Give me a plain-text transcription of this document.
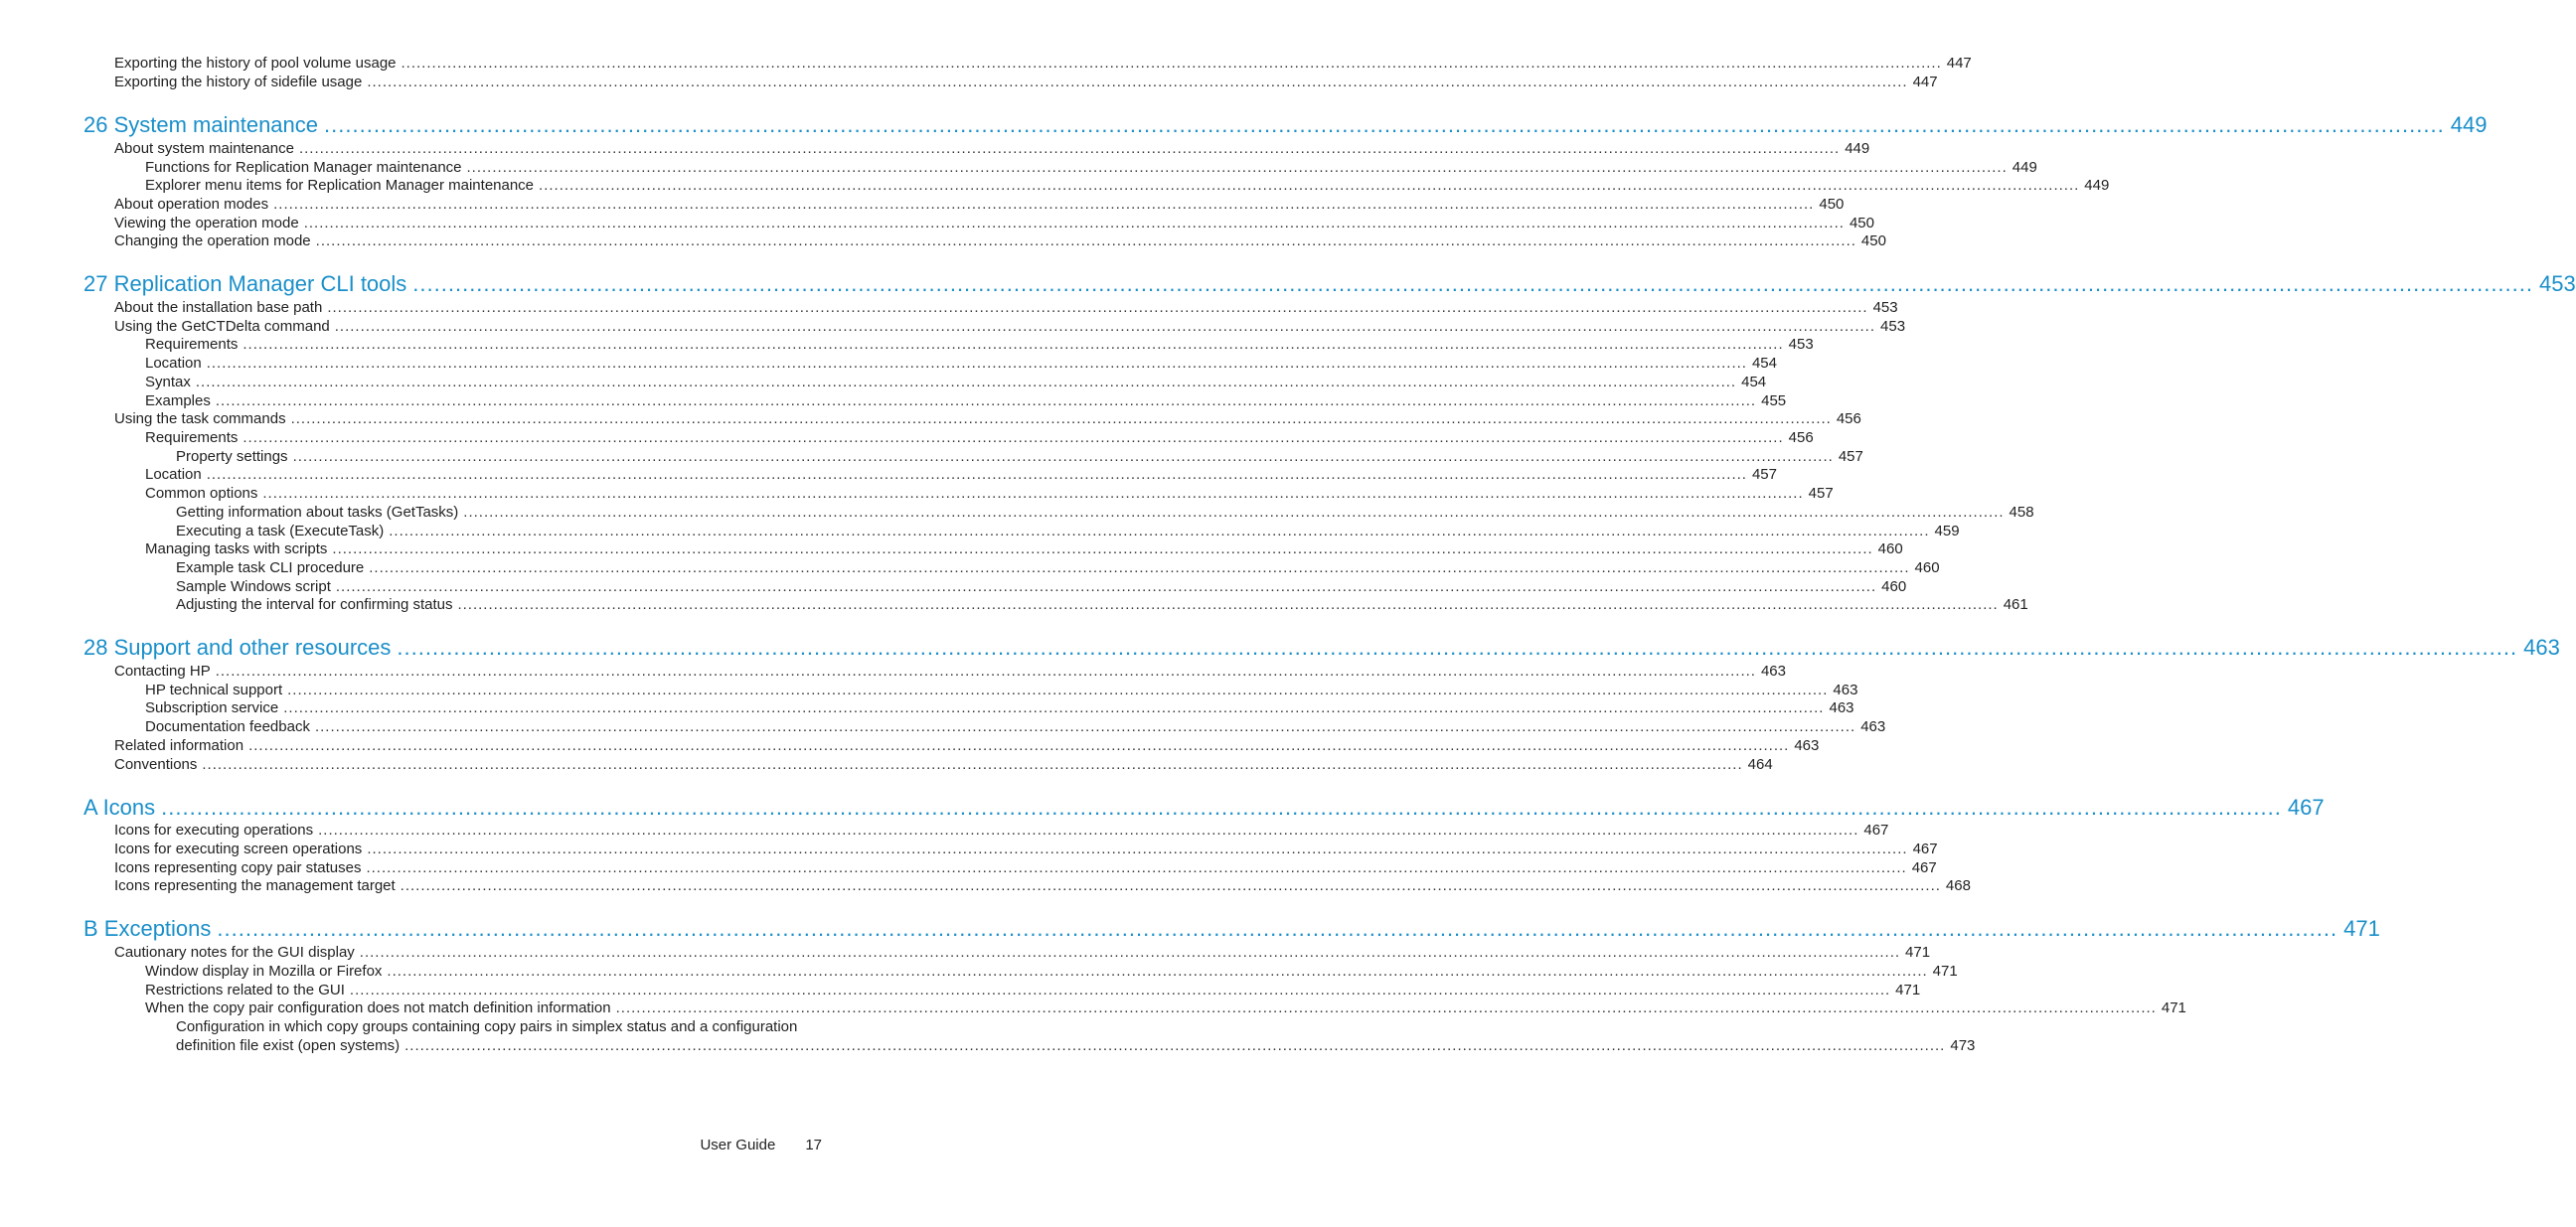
Exporting the history of pool volume usage ............................................................................................................................................................................................................................................................................................................ 447
Exporting the history of sidefile usage ............................................................................................................................................................................................................................................................................................................ 447
26 System maintenance ............................................................................................................................................................................................................................................................................................................ 449
About system maintenance ............................................................................................................................................................................................................................................................................................................ 449
Functions for Replication Manager maintenance ............................................................................................................................................................................................................................................................................................................ 449
Explorer menu items for Replication Manager maintenance ............................................................................................................................................................................................................................................................................................................ 449
About operation modes ............................................................................................................................................................................................................................................................................................................ 450
Viewing the operation mode ............................................................................................................................................................................................................................................................................................................ 450
Changing the operation mode ............................................................................................................................................................................................................................................................................................................ 450
27 Replication Manager CLI tools ............................................................................................................................................................................................................................................................................................................ 453
About the installation base path ............................................................................................................................................................................................................................................................................................................ 453
Using the GetCTDelta command ............................................................................................................................................................................................................................................................................................................ 453
Requirements ............................................................................................................................................................................................................................................................................................................ 453
Location ............................................................................................................................................................................................................................................................................................................ 454
Syntax ............................................................................................................................................................................................................................................................................................................ 454
Examples ............................................................................................................................................................................................................................................................................................................ 455
Using the task commands ............................................................................................................................................................................................................................................................................................................ 456
Requirements ............................................................................................................................................................................................................................................................................................................ 456
Property settings ............................................................................................................................................................................................................................................................................................................ 457
Location ............................................................................................................................................................................................................................................................................................................ 457
Common options ............................................................................................................................................................................................................................................................................................................ 457
Getting information about tasks (GetTasks) ............................................................................................................................................................................................................................................................................................................ 458
Executing a task (ExecuteTask) ............................................................................................................................................................................................................................................................................................................ 459
Managing tasks with scripts ............................................................................................................................................................................................................................................................................................................ 460
Example task CLI procedure ............................................................................................................................................................................................................................................................................................................ 460
Sample Windows script ............................................................................................................................................................................................................................................................................................................ 460
Adjusting the interval for confirming status ............................................................................................................................................................................................................................................................................................................ 461
28 Support and other resources ............................................................................................................................................................................................................................................................................................................ 463
Contacting HP ............................................................................................................................................................................................................................................................................................................ 463
HP technical support ............................................................................................................................................................................................................................................................................................................ 463
Subscription service ............................................................................................................................................................................................................................................................................................................ 463
Documentation feedback ............................................................................................................................................................................................................................................................................................................ 463
Related information ............................................................................................................................................................................................................................................................................................................ 463
Conventions ............................................................................................................................................................................................................................................................................................................ 464
A Icons ............................................................................................................................................................................................................................................................................................................ 467
Icons for executing operations ............................................................................................................................................................................................................................................................................................................ 467
Icons for executing screen operations ............................................................................................................................................................................................................................................................................................................ 467
Icons representing copy pair statuses ............................................................................................................................................................................................................................................................................................................ 467
Icons representing the management target ............................................................................................................................................................................................................................................................................................................ 468
B Exceptions ............................................................................................................................................................................................................................................................................................................ 471
Cautionary notes for the GUI display ............................................................................................................................................................................................................................................................................................................ 471
Window display in Mozilla or Firefox ............................................................................................................................................................................................................................................................................................................ 471
Restrictions related to the GUI ............................................................................................................................................................................................................................................................................................................ 471
When the copy pair configuration does not match definition information ............................................................................................................................................................................................................................................................................................................ 471
Configuration in which copy groups containing copy pairs in simplex status and a configuration
definition file exist (open systems) ............................................................................................................................................................................................................................................................................................................ 473
User Guide 17
